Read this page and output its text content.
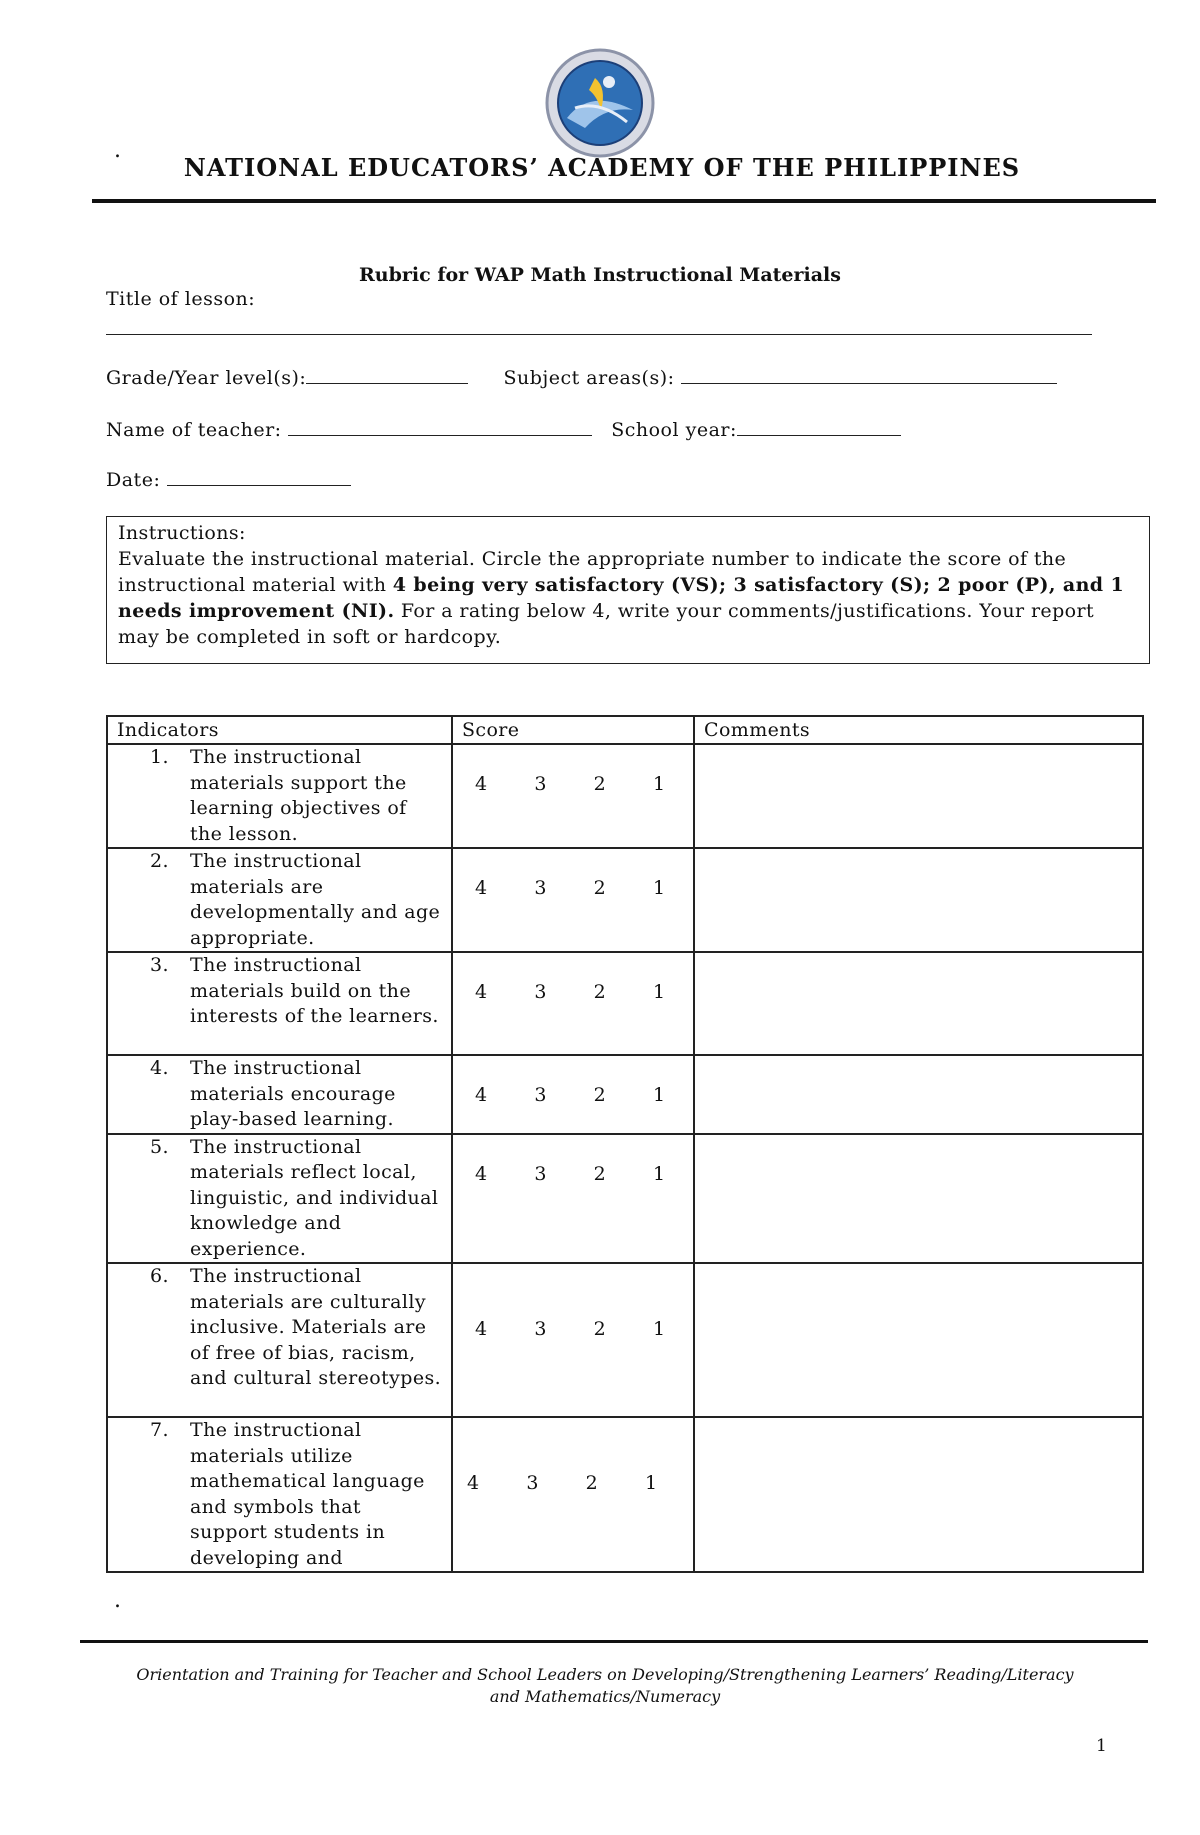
.
NATIONAL EDUCATORS’ ACADEMY OF THE PHILIPPINES
Rubric for WAP Math Instructional Materials
Title of lesson:
Grade/Year level(s):	Subject areas(s):
Name of teacher:	School year:
Date:
Instructions:
Evaluate the instructional material. Circle the appropriate number to indicate the score of the instructional material with 4 being very satisfactory (VS); 3 satisfactory (S); 2 poor (P), and 1 needs improvement (NI). For a rating below 4, write your comments/justifications. Your report may be completed in soft or hardcopy.
Indicators	Score	Comments

1. The instructional materials support the learning objectives of the lesson.	4 3 2 1	

2. The instructional materials are developmentally and age appropriate.	4 3 2 1	

3. The instructional materials build on the interests of the learners.	4 3 2 1	

4. The instructional materials encourage play-based learning.	4 3 2 1	

5. The instructional materials reflect local, linguistic, and individual knowledge and experience.	4 3 2 1	

6. The instructional materials are culturally inclusive. Materials are of free of bias, racism, and cultural stereotypes.	4 3 2 1	

7. The instructional materials utilize mathematical language and symbols that support students in developing and	4 3 2 1	

.
Orientation and Training for Teacher and School Leaders on Developing/Strengthening Learners’ Reading/Literacy
and Mathematics/Numeracy
1
